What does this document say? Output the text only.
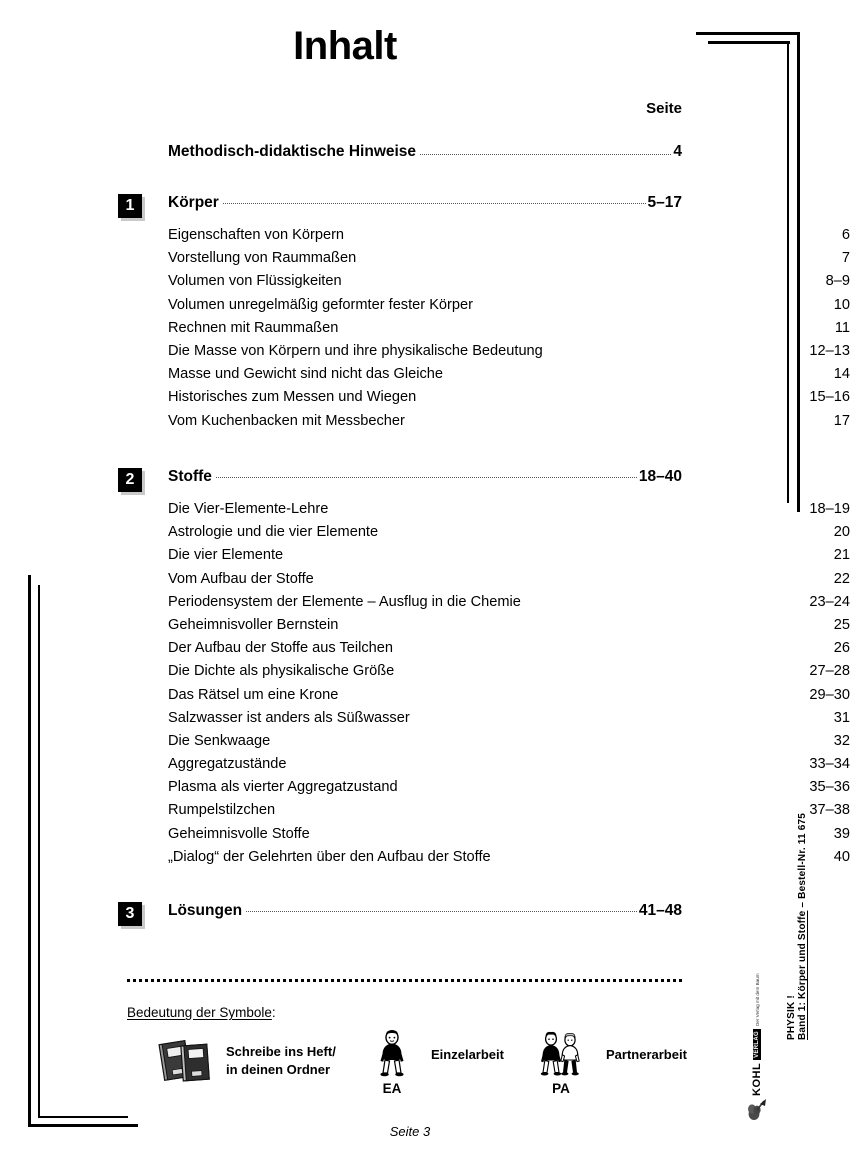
Inhalt
Seite
Methodisch-didaktische Hinweise	4
1	Körper	5–17
Eigenschaften von Körpern	6
Vorstellung von Raummaßen	7
Volumen von Flüssigkeiten	8–9
Volumen unregelmäßig geformter fester Körper	10
Rechnen mit Raummaßen	11
Die Masse von Körpern und ihre physikalische Bedeutung	12–13
Masse und Gewicht sind nicht das Gleiche	14
Historisches zum Messen und Wiegen	15–16
Vom Kuchenbacken mit Messbecher	17
2	Stoffe	18–40
Die Vier-Elemente-Lehre	18–19
Astrologie und die vier Elemente	20
Die vier Elemente	21
Vom Aufbau der Stoffe	22
Periodensystem der Elemente – Ausflug in die Chemie	23–24
Geheimnisvoller Bernstein	25
Der Aufbau der Stoffe aus Teilchen	26
Die Dichte als physikalische Größe	27–28
Das Rätsel um eine Krone	29–30
Salzwasser ist anders als Süßwasser	31
Die Senkwaage	32
Aggregatzustände	33–34
Plasma als vierter Aggregatzustand	35–36
Rumpelstilzchen	37–38
Geheimnisvolle Stoffe	39
„Dialog“ der Gelehrten über den Aufbau der Stoffe	40
3	Lösungen	41–48
Bedeutung der Symbole:
Schreibe ins Heft/
in deinen Ordner
EA
Einzelarbeit
PA
Partnerarbeit
Seite 3
PHYSIK ! Band 1: Körper und Stoffe – Bestell-Nr. 11 675
KOHL
VERLAG
Der Verlag mit dem Baum
